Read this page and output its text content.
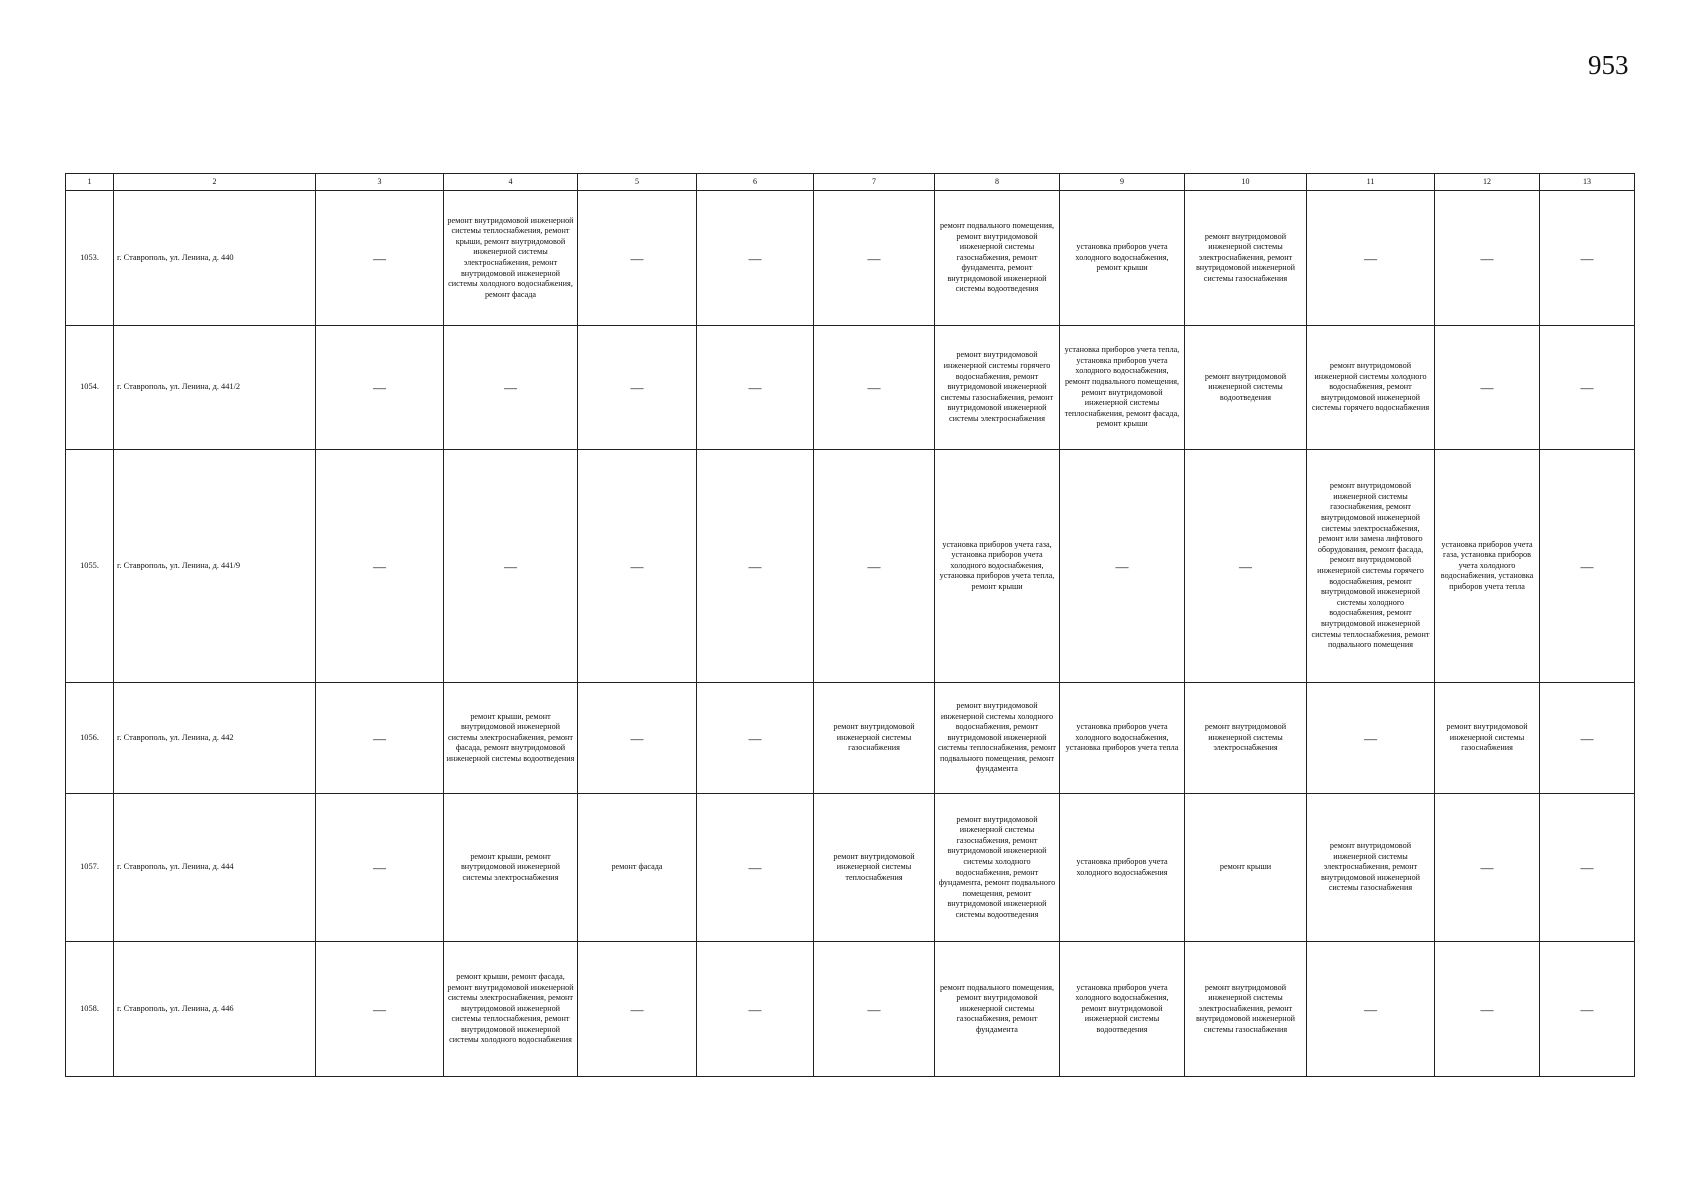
953
1	2	3	4	5	6	7	8	9	10	11	12	13
1053.	г. Ставрополь, ул. Ленина, д. 440	—	ремонт внутридомовой инженерной системы теплоснабжения, ремонт крыши, ремонт внутридомовой инженерной системы электроснабжения, ремонт внутридомовой инженерной системы холодного водоснабжения, ремонт фасада	—	—	—	ремонт подвального помещения, ремонт внутридомовой инженерной системы газоснабжения, ремонт фундамента, ремонт внутридомовой инженерной системы водоотведения	установка приборов учета холодного водоснабжения, ремонт крыши	ремонт внутридомовой инженерной системы электроснабжения, ремонт внутридомовой инженерной системы газоснабжения	—	—	—
1054.	г. Ставрополь, ул. Ленина, д. 441/2	—	—	—	—	—	ремонт внутридомовой инженерной системы горячего водоснабжения, ремонт внутридомовой инженерной системы газоснабжения, ремонт внутридомовой инженерной системы электроснабжения	установка приборов учета тепла, установка приборов учета холодного водоснабжения, ремонт подвального помещения, ремонт внутридомовой инженерной системы теплоснабжения, ремонт фасада, ремонт крыши	ремонт внутридомовой инженерной системы водоотведения	ремонт внутридомовой инженерной системы холодного водоснабжения, ремонт внутридомовой инженерной системы горячего водоснабжения	—	—
1055.	г. Ставрополь, ул. Ленина, д. 441/9	—	—	—	—	—	установка приборов учета газа, установка приборов учета холодного водоснабжения, установка приборов учета тепла, ремонт крыши	—	—	ремонт внутридомовой инженерной системы газоснабжения, ремонт внутридомовой инженерной системы электроснабжения, ремонт или замена лифтового оборудования, ремонт фасада, ремонт внутридомовой инженерной системы горячего водоснабжения, ремонт внутридомовой инженерной системы холодного водоснабжения, ремонт внутридомовой инженерной системы теплоснабжения, ремонт подвального помещения	установка приборов учета газа, установка приборов учета холодного водоснабжения, установка приборов учета тепла	—
1056.	г. Ставрополь, ул. Ленина, д. 442	—	ремонт крыши, ремонт внутридомовой инженерной системы электроснабжения, ремонт фасада, ремонт внутридомовой инженерной системы водоотведения	—	—	ремонт внутридомовой инженерной системы газоснабжения	ремонт внутридомовой инженерной системы холодного водоснабжения, ремонт внутридомовой инженерной системы теплоснабжения, ремонт подвального помещения, ремонт фундамента	установка приборов учета холодного водоснабжения, установка приборов учета тепла	ремонт внутридомовой инженерной системы электроснабжения	—	ремонт внутридомовой инженерной системы газоснабжения	—
1057.	г. Ставрополь, ул. Ленина, д. 444	—	ремонт крыши, ремонт внутридомовой инженерной системы электроснабжения	ремонт фасада	—	ремонт внутридомовой инженерной системы теплоснабжения	ремонт внутридомовой инженерной системы газоснабжения, ремонт внутридомовой инженерной системы холодного водоснабжения, ремонт фундамента, ремонт подвального помещения, ремонт внутридомовой инженерной системы водоотведения	установка приборов учета холодного водоснабжения	ремонт крыши	ремонт внутридомовой инженерной системы электроснабжения, ремонт внутридомовой инженерной системы газоснабжения	—	—
1058.	г. Ставрополь, ул. Ленина, д. 446	—	ремонт крыши, ремонт фасада, ремонт внутридомовой инженерной системы электроснабжения, ремонт внутридомовой инженерной системы теплоснабжения, ремонт внутридомовой инженерной системы холодного водоснабжения	—	—	—	ремонт подвального помещения, ремонт внутридомовой инженерной системы газоснабжения, ремонт фундамента	установка приборов учета холодного водоснабжения, ремонт внутридомовой инженерной системы водоотведения	ремонт внутридомовой инженерной системы электроснабжения, ремонт внутридомовой инженерной системы газоснабжения	—	—	—
